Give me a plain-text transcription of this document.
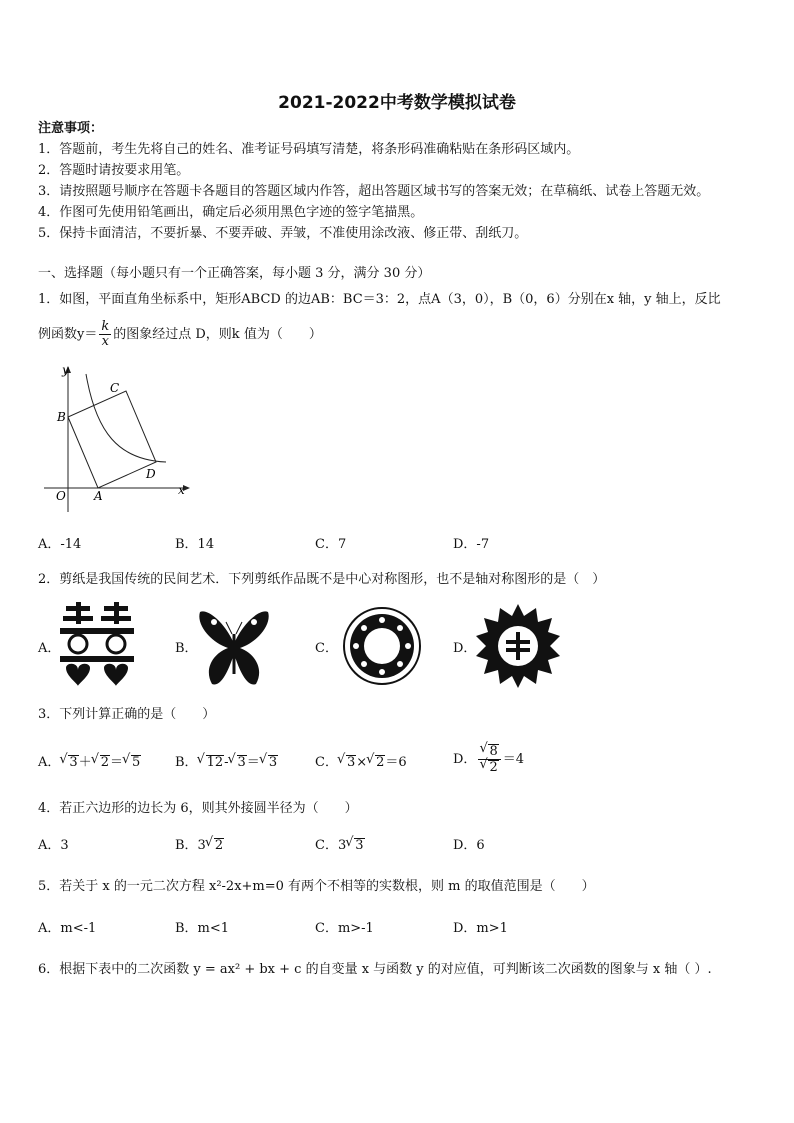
2021-2022中考数学模拟试卷
注意事项：
1．答题前，考生先将自己的姓名、准考证号码填写清楚，将条形码准确粘贴在条形码区域内。
2．答题时请按要求用笔。
3．请按照题号顺序在答题卡各题目的答题区域内作答，超出答题区域书写的答案无效；在草稿纸、试卷上答题无效。
4．作图可先使用铅笔画出，确定后必须用黑色字迹的签字笔描黑。
5．保持卡面清洁，不要折暴、不要弄破、弄皱，不准使用涂改液、修正带、刮纸刀。
一、选择题（每小题只有一个正确答案，每小题 3 分，满分 30 分）
1．如图，平面直角坐标系中，矩形ABCD 的边AB：BC＝3：2，点A（3，0），B（0，6）分别在x 轴，y 轴上，反比
例函数$y= \frac{k}{x}$ 的图象经过点 D，则k 值为（　　）
y
x
O A
B
C
D
A．-14	B．14	C．7	D．-7
2．剪纸是我国传统的民间艺术．下列剪纸作品既不是中心对称图形，也不是轴对称图形的是（　）
A．	B．	C．	D．
3．下列计算正确的是（　　）
A． √ 3＋ √ 2＝ √ 5	B． √ 12- √ 3＝ √ 3	C． √ 3× √ 2＝6	D． √ 8
√ 2 ＝4
4．若正六边形的边长为 6，则其外接圆半径为（　　）
A．3	B．3 √ 2	C．3 √ 3	D．6
5．若关于 x 的一元二次方程 x²-2x+m=0 有两个不相等的实数根，则 m 的取值范围是（　　）
A．m<-1	B．m<1	C．m>-1	D．m>1
6．根据下表中的二次函数 y = ax² + bx + c 的自变量 x 与函数 y 的对应值，可判断该二次函数的图象与 x 轴（ ）.
